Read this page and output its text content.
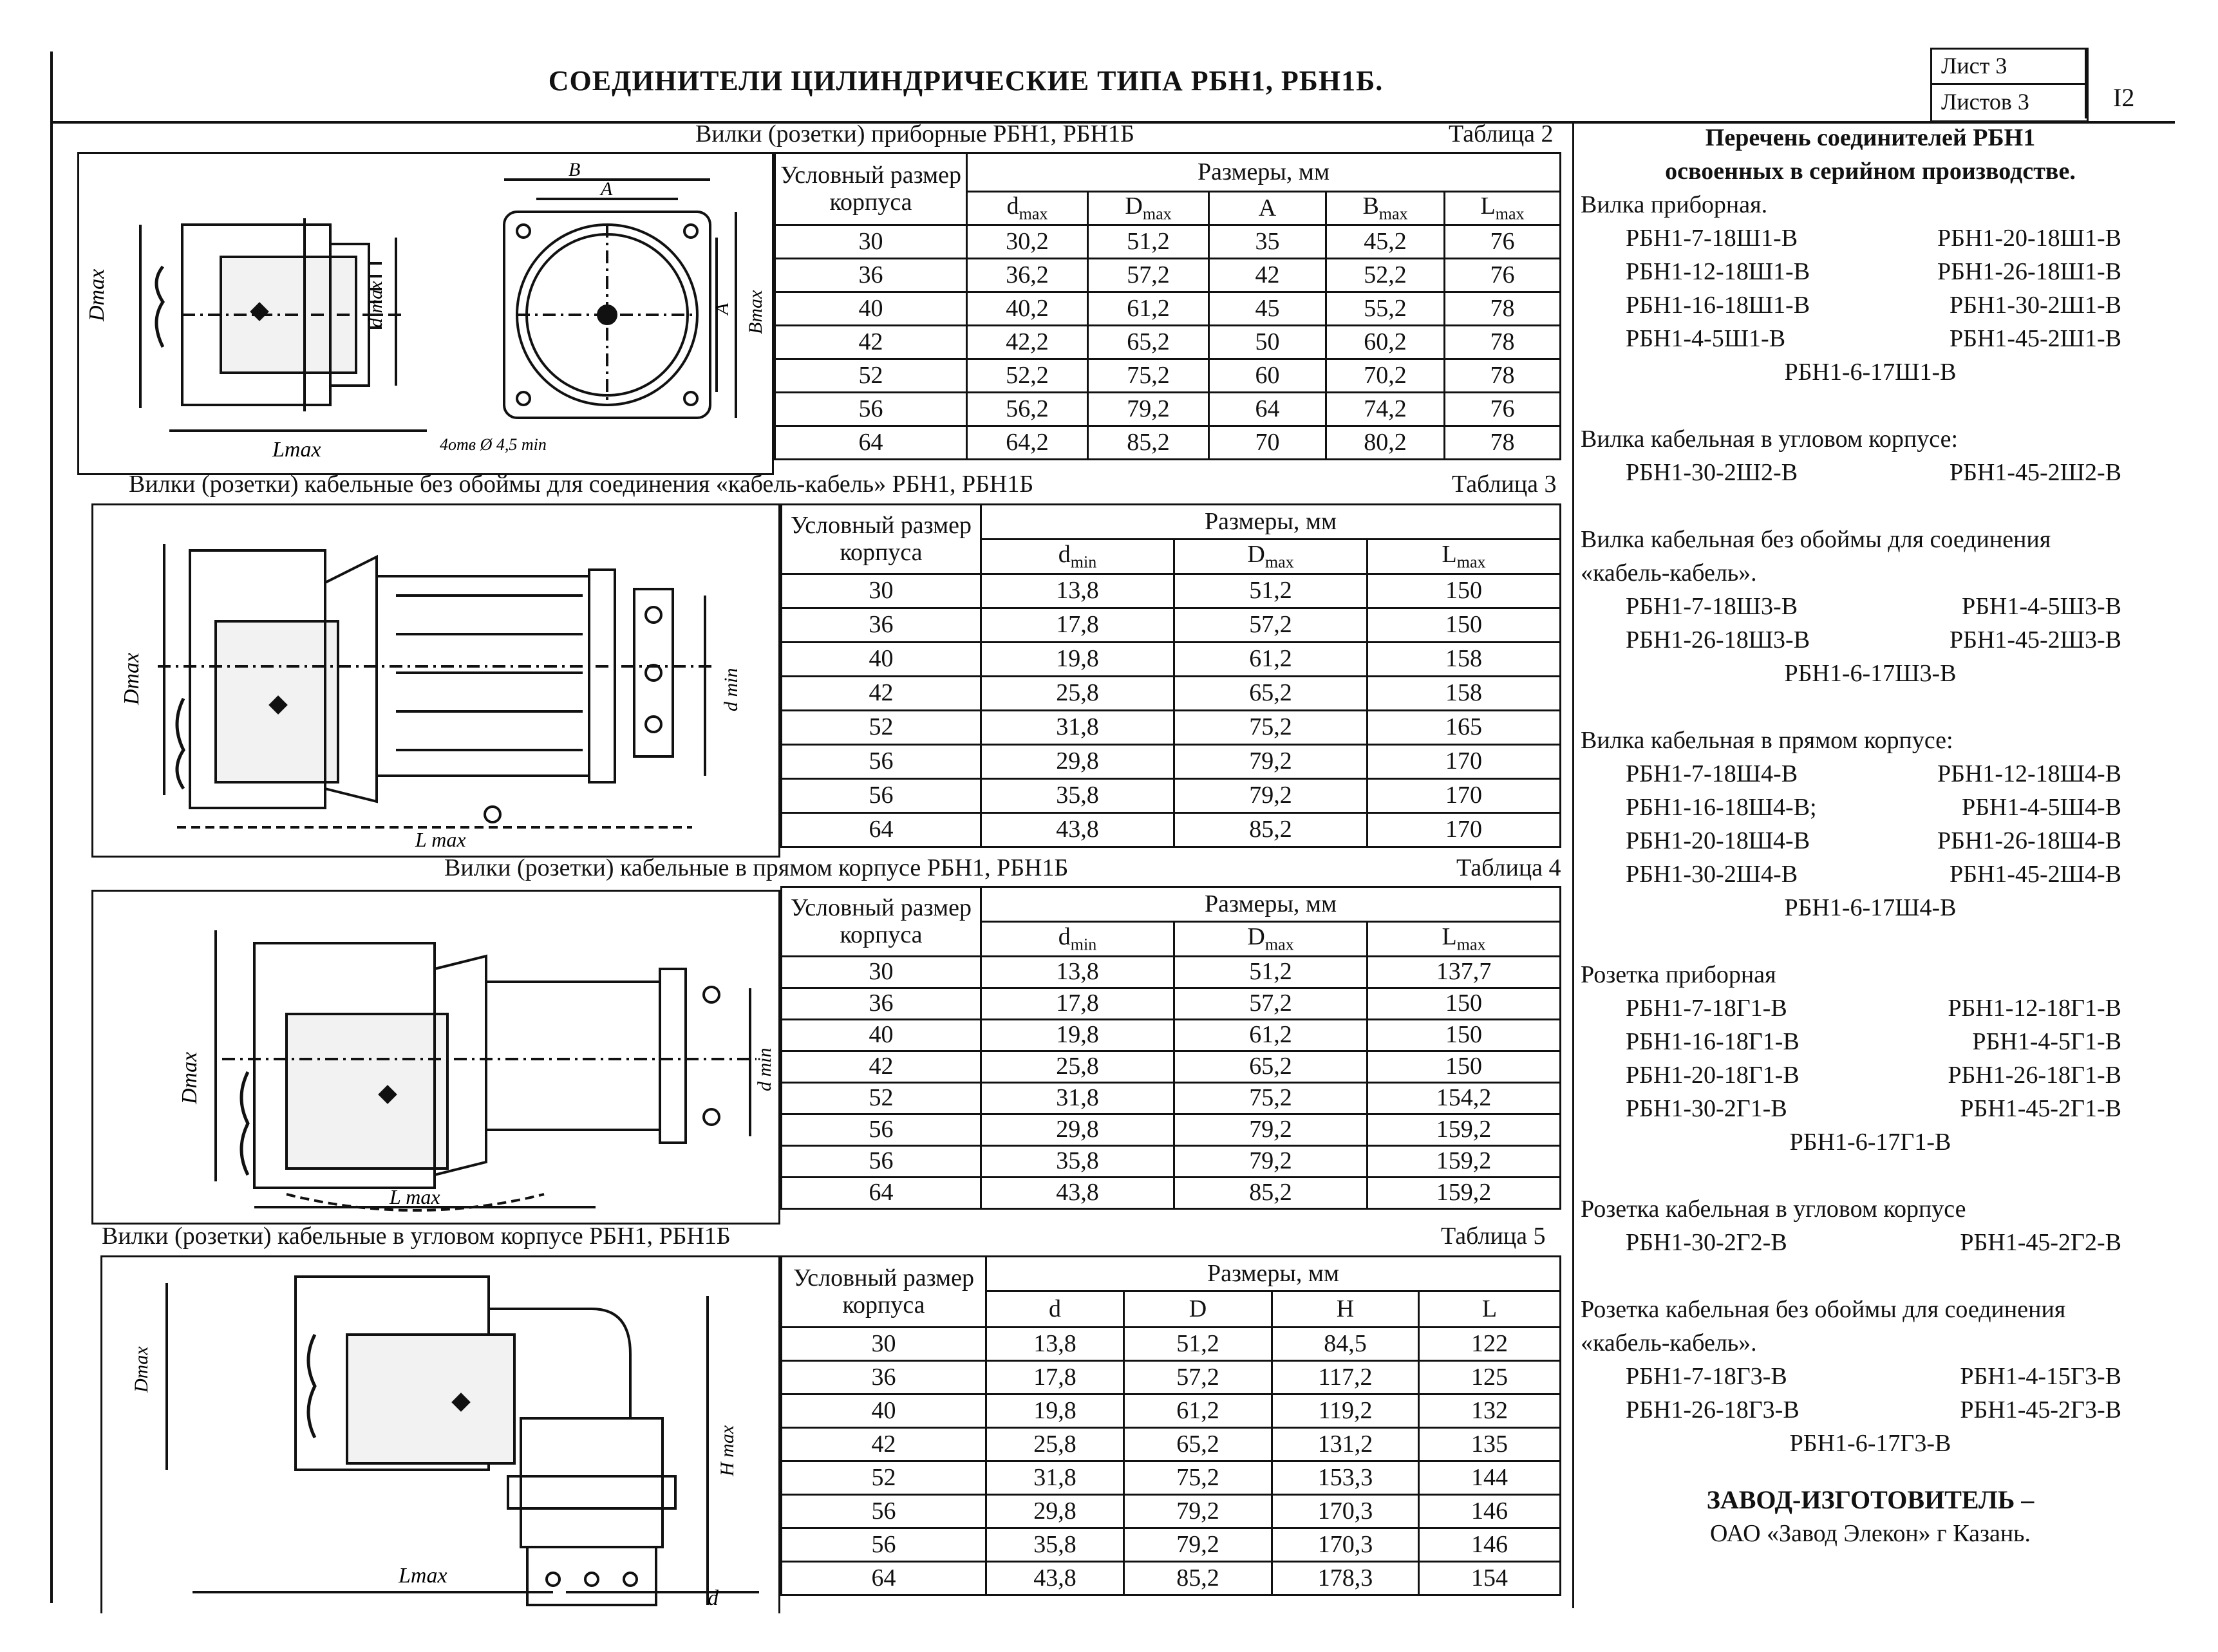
СОЕДИНИТЕЛИ ЦИЛИНДРИЧЕСКИЕ ТИПА РБН1, РБН1Б.	Лист 3
Листов 3	I2
Вилки (розетки) приборные РБН1, РБН1Б	Таблица 2
Dmax	d max
Lmax
B
A
A Bmax
4отв Ø 4,5 min
Условный размер корпуса	Размеры, мм				
	$d_{max}$	$D_{max}$	A	$B_{max}$	$L_{max}$
30	30,2	51,2	35	45,2	76
36	36,2	57,2	42	52,2	76
40	40,2	61,2	45	55,2	78
42	42,2	65,2	50	60,2	78
52	52,2	75,2	60	70,2	78
56	56,2	79,2	64	74,2	76
64	64,2	85,2	70	80,2	78
Вилки (розетки) кабельные без обоймы для соединения «кабель-кабель» РБН1, РБН1Б	Таблица 3
Dmax	d min
L max
Условный размер корпуса	Размеры, мм		
	$d_{min}$	$D_{max}$	$L_{max}$
30	13,8	51,2	150
36	17,8	57,2	150
40	19,8	61,2	158
42	25,8	65,2	158
52	31,8	75,2	165
56	29,8	79,2	170
56	35,8	79,2	170
64	43,8	85,2	170
Вилки (розетки) кабельные в прямом корпусе РБН1, РБН1Б	Таблица 4
Dmax	d min
L max
Условный размер корпуса	Размеры, мм		
	$d_{min}$	$D_{max}$	$L_{max}$
30	13,8	51,2	137,7
36	17,8	57,2	150
40	19,8	61,2	150
42	25,8	65,2	150
52	31,8	75,2	154,2
56	29,8	79,2	159,2
56	35,8	79,2	159,2
64	43,8	85,2	159,2
Вилки (розетки) кабельные в угловом корпусе РБН1, РБН1Б	Таблица 5
Dmax
H max
Lmax
d
Условный размер корпуса	Размеры, мм			
	d	D	H	L
30	13,8	51,2	84,5	122
36	17,8	57,2	117,2	125
40	19,8	61,2	119,2	132
42	25,8	65,2	131,2	135
52	31,8	75,2	153,3	144
56	29,8	79,2	170,3	146
56	35,8	79,2	170,3	146
64	43,8	85,2	178,3	154
Перечень соединителей РБН1
освоенных в серийном производстве.
Вилка приборная.
РБН1-7-18Ш1-В	РБН1-20-18Ш1-В
РБН1-12-18Ш1-В	РБН1-26-18Ш1-В
РБН1-16-18Ш1-В	РБН1-30-2Ш1-В
РБН1-4-5Ш1-В	РБН1-45-2Ш1-В
РБН1-6-17Ш1-В
Вилка кабельная в угловом корпусе:
РБН1-30-2Ш2-В	РБН1-45-2Ш2-В
Вилка кабельная без обоймы для соединения
«кабель-кабель».
РБН1-7-18Ш3-В	РБН1-4-5Ш3-В
РБН1-26-18Ш3-В	РБН1-45-2Ш3-В
РБН1-6-17Ш3-В
Вилка кабельная в прямом корпусе:
РБН1-7-18Ш4-В	РБН1-12-18Ш4-В
РБН1-16-18Ш4-В;	РБН1-4-5Ш4-В
РБН1-20-18Ш4-В	РБН1-26-18Ш4-В
РБН1-30-2Ш4-В	РБН1-45-2Ш4-В
РБН1-6-17Ш4-В
Розетка приборная
РБН1-7-18Г1-В	РБН1-12-18Г1-В
РБН1-16-18Г1-В	РБН1-4-5Г1-В
РБН1-20-18Г1-В	РБН1-26-18Г1-В
РБН1-30-2Г1-В	РБН1-45-2Г1-В
РБН1-6-17Г1-В
Розетка кабельная в угловом корпусе
РБН1-30-2Г2-В	РБН1-45-2Г2-В
Розетка кабельная без обоймы для соединения
«кабель-кабель».
РБН1-7-18Г3-В	РБН1-4-15Г3-В
РБН1-26-18Г3-В	РБН1-45-2Г3-В
РБН1-6-17Г3-В
ЗАВОД-ИЗГОТОВИТЕЛЬ –
ОАО «Завод Элекон» г Казань.
